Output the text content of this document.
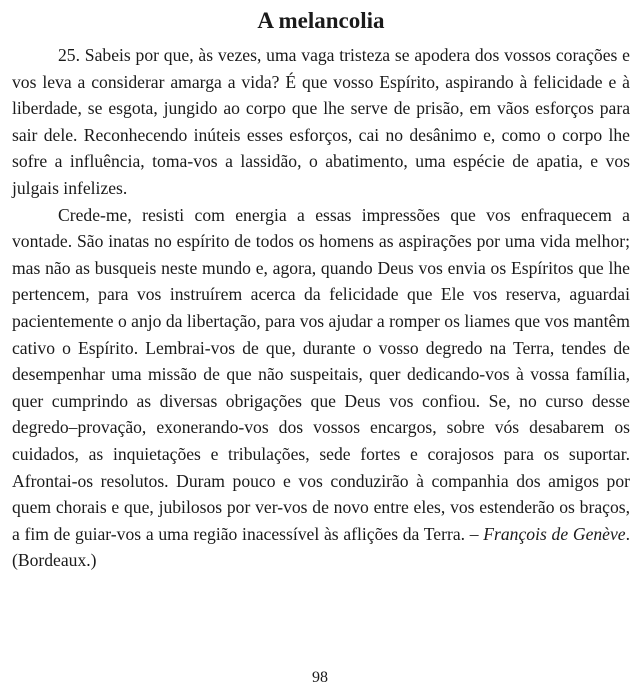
A melancolia

25. Sabeis por que, às vezes, uma vaga tristeza se apodera dos vossos corações e vos leva a considerar amarga a vida? É que vosso Espírito, aspirando à felicidade e à liberdade, se esgota, jungido ao corpo que lhe serve de prisão, em vãos esforços para sair dele. Reconhecendo inúteis esses esforços, cai no desânimo e, como o corpo lhe sofre a influência, toma-vos a lassidão, o abatimento, uma espécie de apatia, e vos julgais infelizes.

Crede-me, resisti com energia a essas impressões que vos enfraquecem a vontade. São inatas no espírito de todos os homens as aspirações por uma vida melhor; mas não as busqueis neste mundo e, agora, quando Deus vos envia os Espíritos que lhe pertencem, para vos instruírem acerca da felicidade que Ele vos reserva, aguardai pacientemente o anjo da libertação, para vos ajudar a romper os liames que vos mantêm cativo o Espírito. Lembrai-vos de que, durante o vosso degredo na Terra, tendes de desempenhar uma missão de que não suspeitais, quer dedicando-vos à vossa família, quer cumprindo as diversas obrigações que Deus vos confiou. Se, no curso desse degredo–provação, exonerando-vos dos vossos encargos, sobre vós desabarem os cuidados, as inquietações e tribulações, sede fortes e corajosos para os suportar. Afrontai-os resolutos. Duram pouco e vos conduzirão à companhia dos amigos por quem chorais e que, jubilosos por ver-vos de novo entre eles, vos estenderão os braços, a fim de guiar-vos a uma região inacessível às aflições da Terra. – François de Genève. (Bordeaux.)

98
